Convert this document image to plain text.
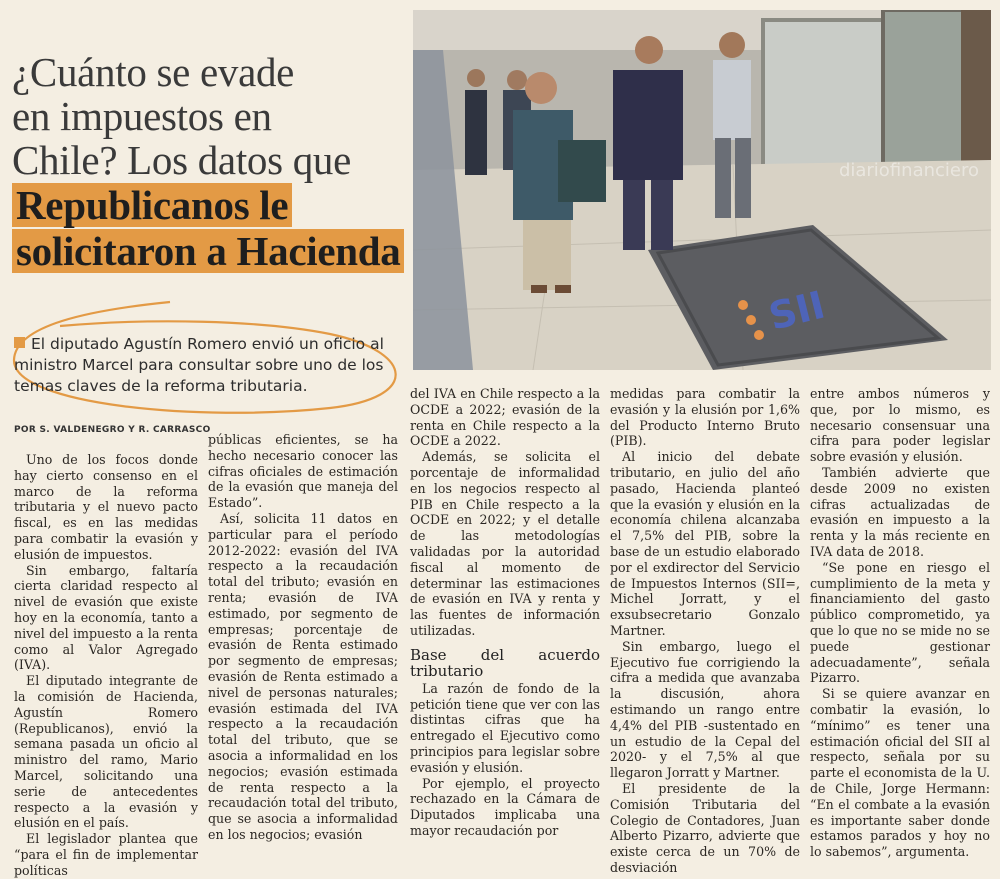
¿Cuánto se evade
en impuestos en
Chile? Los datos que
Republicanos le
solicitaron a Hacienda
SII
diariofinanciero
El diputado Agustín Romero envió un oficio al ministro Marcel para consultar sobre uno de los temas claves de la reforma tributaria.
POR S. VALDENEGRO Y R. CARRASCO

Uno de los focos donde hay cierto consenso en el marco de la reforma tributaria y el nuevo pacto fiscal, es en las medidas para combatir la evasión y elusión de impuestos.

Sin embargo, faltaría cierta claridad respecto al nivel de evasión que existe hoy en la economía, tanto a nivel del impuesto a la renta como al Valor Agregado (IVA).

El diputado integrante de la comisión de Hacienda, Agustín Romero (Republicanos), envió la semana pasada un oficio al ministro del ramo, Mario Marcel, solicitando una serie de antecedentes respecto a la evasión y elusión en el país.

El legislador plantea que “para el fin de implementar políticas

públicas eficientes, se ha hecho necesario conocer las cifras oficiales de estimación de la evasión que maneja del Estado”.

Así, solicita 11 datos en particular para el período 2012-2022: evasión del IVA respecto a la recaudación total del tributo; evasión en renta; evasión de IVA estimado, por segmento de empresas; porcentaje de evasión de Renta estimado por segmento de empresas; evasión de Renta estimado a nivel de personas naturales; evasión estimada del IVA respecto a la recaudación total del tributo, que se asocia a informalidad en los negocios; evasión estimada de renta respecto a la recaudación total del tributo, que se asocia a informalidad en los negocios; evasión

del IVA en Chile respecto a la OCDE a 2022; evasión de la renta en Chile respecto a la OCDE a 2022.

Además, se solicita el porcentaje de informalidad en los negocios respecto al PIB en Chile respecto a la OCDE en 2022; y el detalle de las metodologías validadas por la autoridad fiscal al momento de determinar las estimaciones de evasión en IVA y renta y las fuentes de información utilizadas.

Base del acuerdo tributario

La razón de fondo de la petición tiene que ver con las distintas cifras que ha entregado el Ejecutivo como principios para legislar sobre evasión y elusión.

Por ejemplo, el proyecto rechazado en la Cámara de Diputados implicaba una mayor recaudación por

medidas para combatir la evasión y la elusión por 1,6% del Producto Interno Bruto (PIB).

Al inicio del debate tributario, en julio del año pasado, Hacienda planteó que la evasión y elusión en la economía chilena alcanzaba el 7,5% del PIB, sobre la base de un estudio elaborado por el exdirector del Servicio de Impuestos Internos (SII=, Michel Jorratt, y el exsubsecretario Gonzalo Martner.

Sin embargo, luego el Ejecutivo fue corrigiendo la cifra a medida que avanzaba la discusión, ahora estimando un rango entre 4,4% del PIB -sustentado en un estudio de la Cepal del 2020- y el 7,5% al que llegaron Jorratt y Martner.

El presidente de la Comisión Tributaria del Colegio de Contadores, Juan Alberto Pizarro, advierte que existe cerca de un 70% de desviación

entre ambos números y que, por lo mismo, es necesario consensuar una cifra para poder legislar sobre evasión y elusión.

También advierte que desde 2009 no existen cifras actualizadas de evasión en impuesto a la renta y la más reciente en IVA data de 2018.

“Se pone en riesgo el cumplimiento de la meta y financiamiento del gasto público comprometido, ya que lo que no se mide no se puede gestionar adecuadamente”, señala Pizarro.

Si se quiere avanzar en combatir la evasión, lo “mínimo” es tener una estimación oficial del SII al respecto, señala por su parte el economista de la U. de Chile, Jorge Hermann: “En el combate a la evasión es importante saber donde estamos parados y hoy no lo sabemos”, argumenta.
